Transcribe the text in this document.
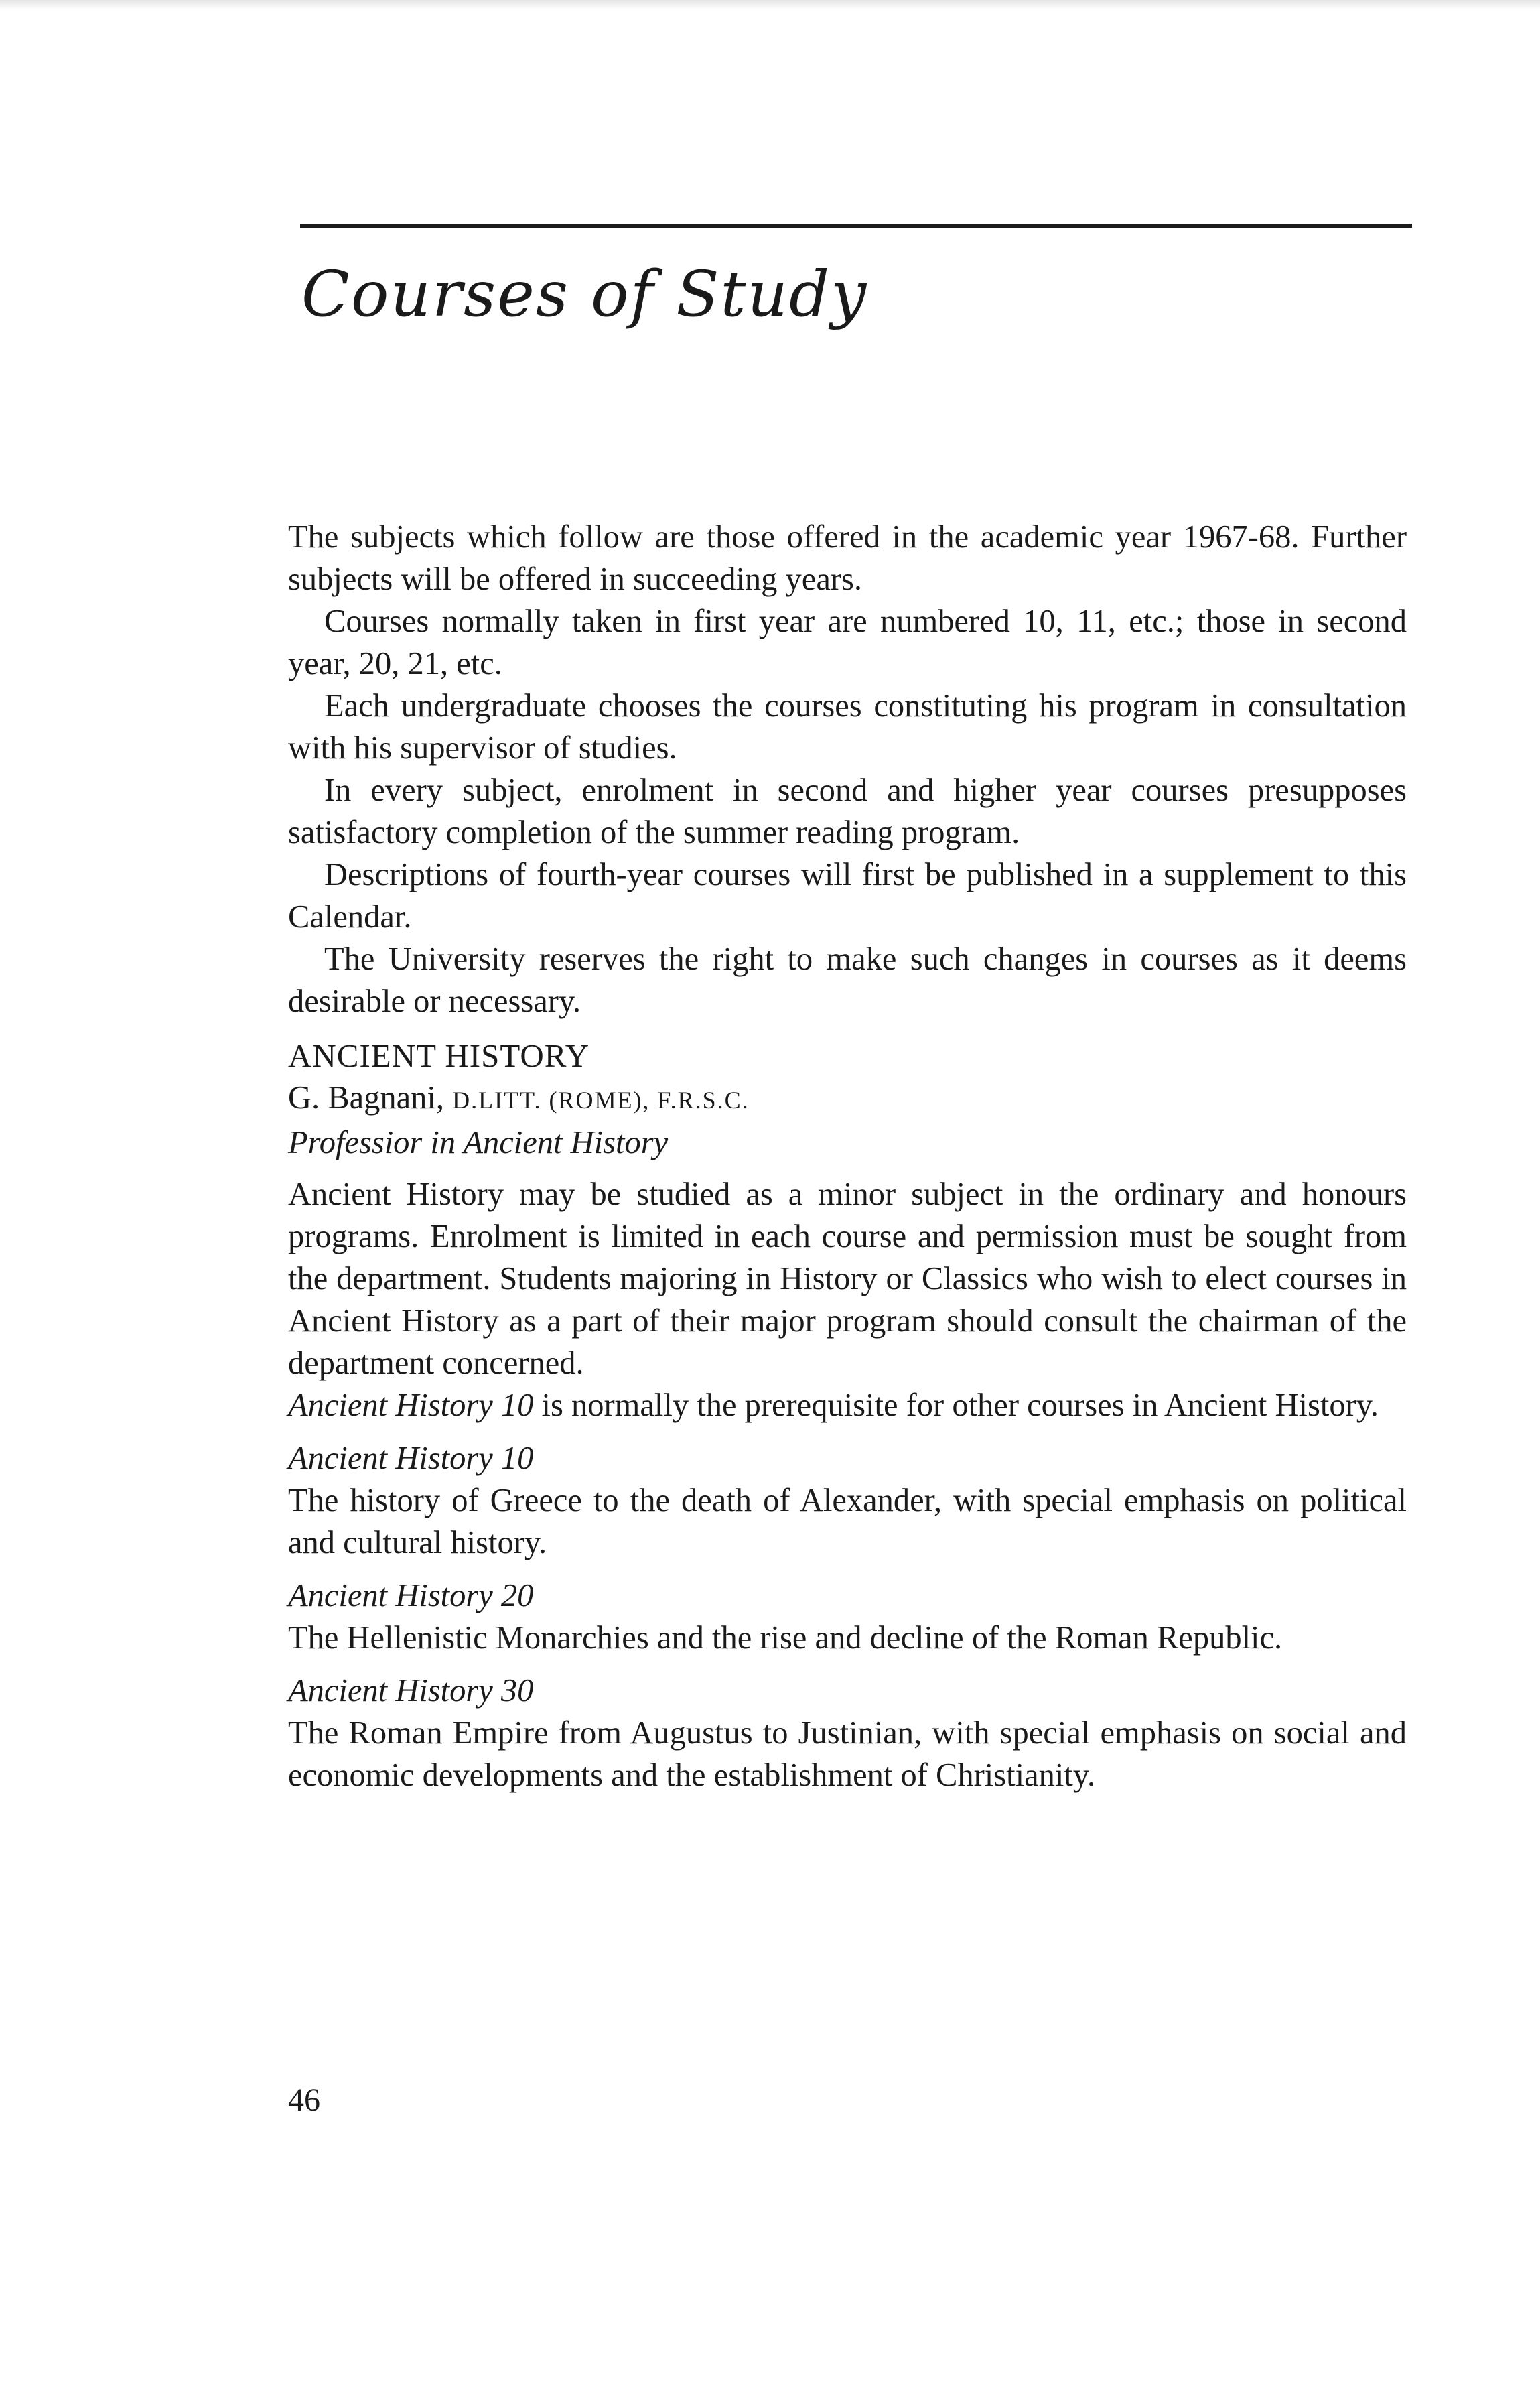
Courses of Study

The subjects which follow are those offered in the academic year 1967-68. Further subjects will be offered in succeeding years.

Courses normally taken in first year are numbered 10, 11, etc.; those in second year, 20, 21, etc.

Each undergraduate chooses the courses constituting his program in consultation with his supervisor of studies.

In every subject, enrolment in second and higher year courses presupposes satisfactory completion of the summer reading program.

Descriptions of fourth-year courses will first be published in a supplement to this Calendar.

The University reserves the right to make such changes in courses as it deems desirable or necessary.

ANCIENT HISTORY

G. Bagnani, D.LITT. (ROME), F.R.S.C.

Professior in Ancient History

Ancient History may be studied as a minor subject in the ordinary and honours programs. Enrolment is limited in each course and permission must be sought from the department. Students majoring in History or Classics who wish to elect courses in Ancient History as a part of their major program should consult the chairman of the department concerned.

Ancient History 10 is normally the prerequisite for other courses in Ancient History.

Ancient History 10

The history of Greece to the death of Alexander, with special emphasis on political and cultural history.

Ancient History 20

The Hellenistic Monarchies and the rise and decline of the Roman Republic.

Ancient History 30

The Roman Empire from Augustus to Justinian, with special emphasis on social and economic developments and the establishment of Christianity.

46
